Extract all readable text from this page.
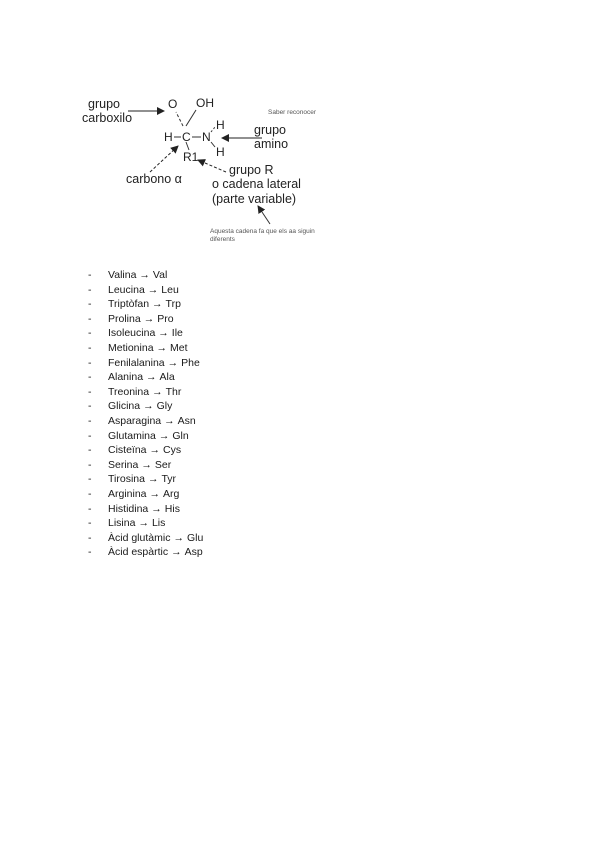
grupo
carboxilo
O OH
H C N
H
H
R1
grupo
amino
carbono α
grupo R
o cadena lateral
(parte variable)
Saber reconocer
Aquesta cadena fa que els aa siguin
diferents
- Valina → Val
- Leucina → Leu
- Triptòfan → Trp
- Prolina → Pro
- Isoleucina → Ile
- Metionina → Met
- Fenilalanina → Phe
- Alanina → Ala
- Treonina → Thr
- Glicina → Gly
- Asparagina → Asn
- Glutamina → Gln
- Cisteïna → Cys
- Serina → Ser
- Tirosina → Tyr
- Arginina → Arg
- Histidina → His
- Lisina → Lis
- Àcid glutàmic → Glu
- Àcid espàrtic → Asp
